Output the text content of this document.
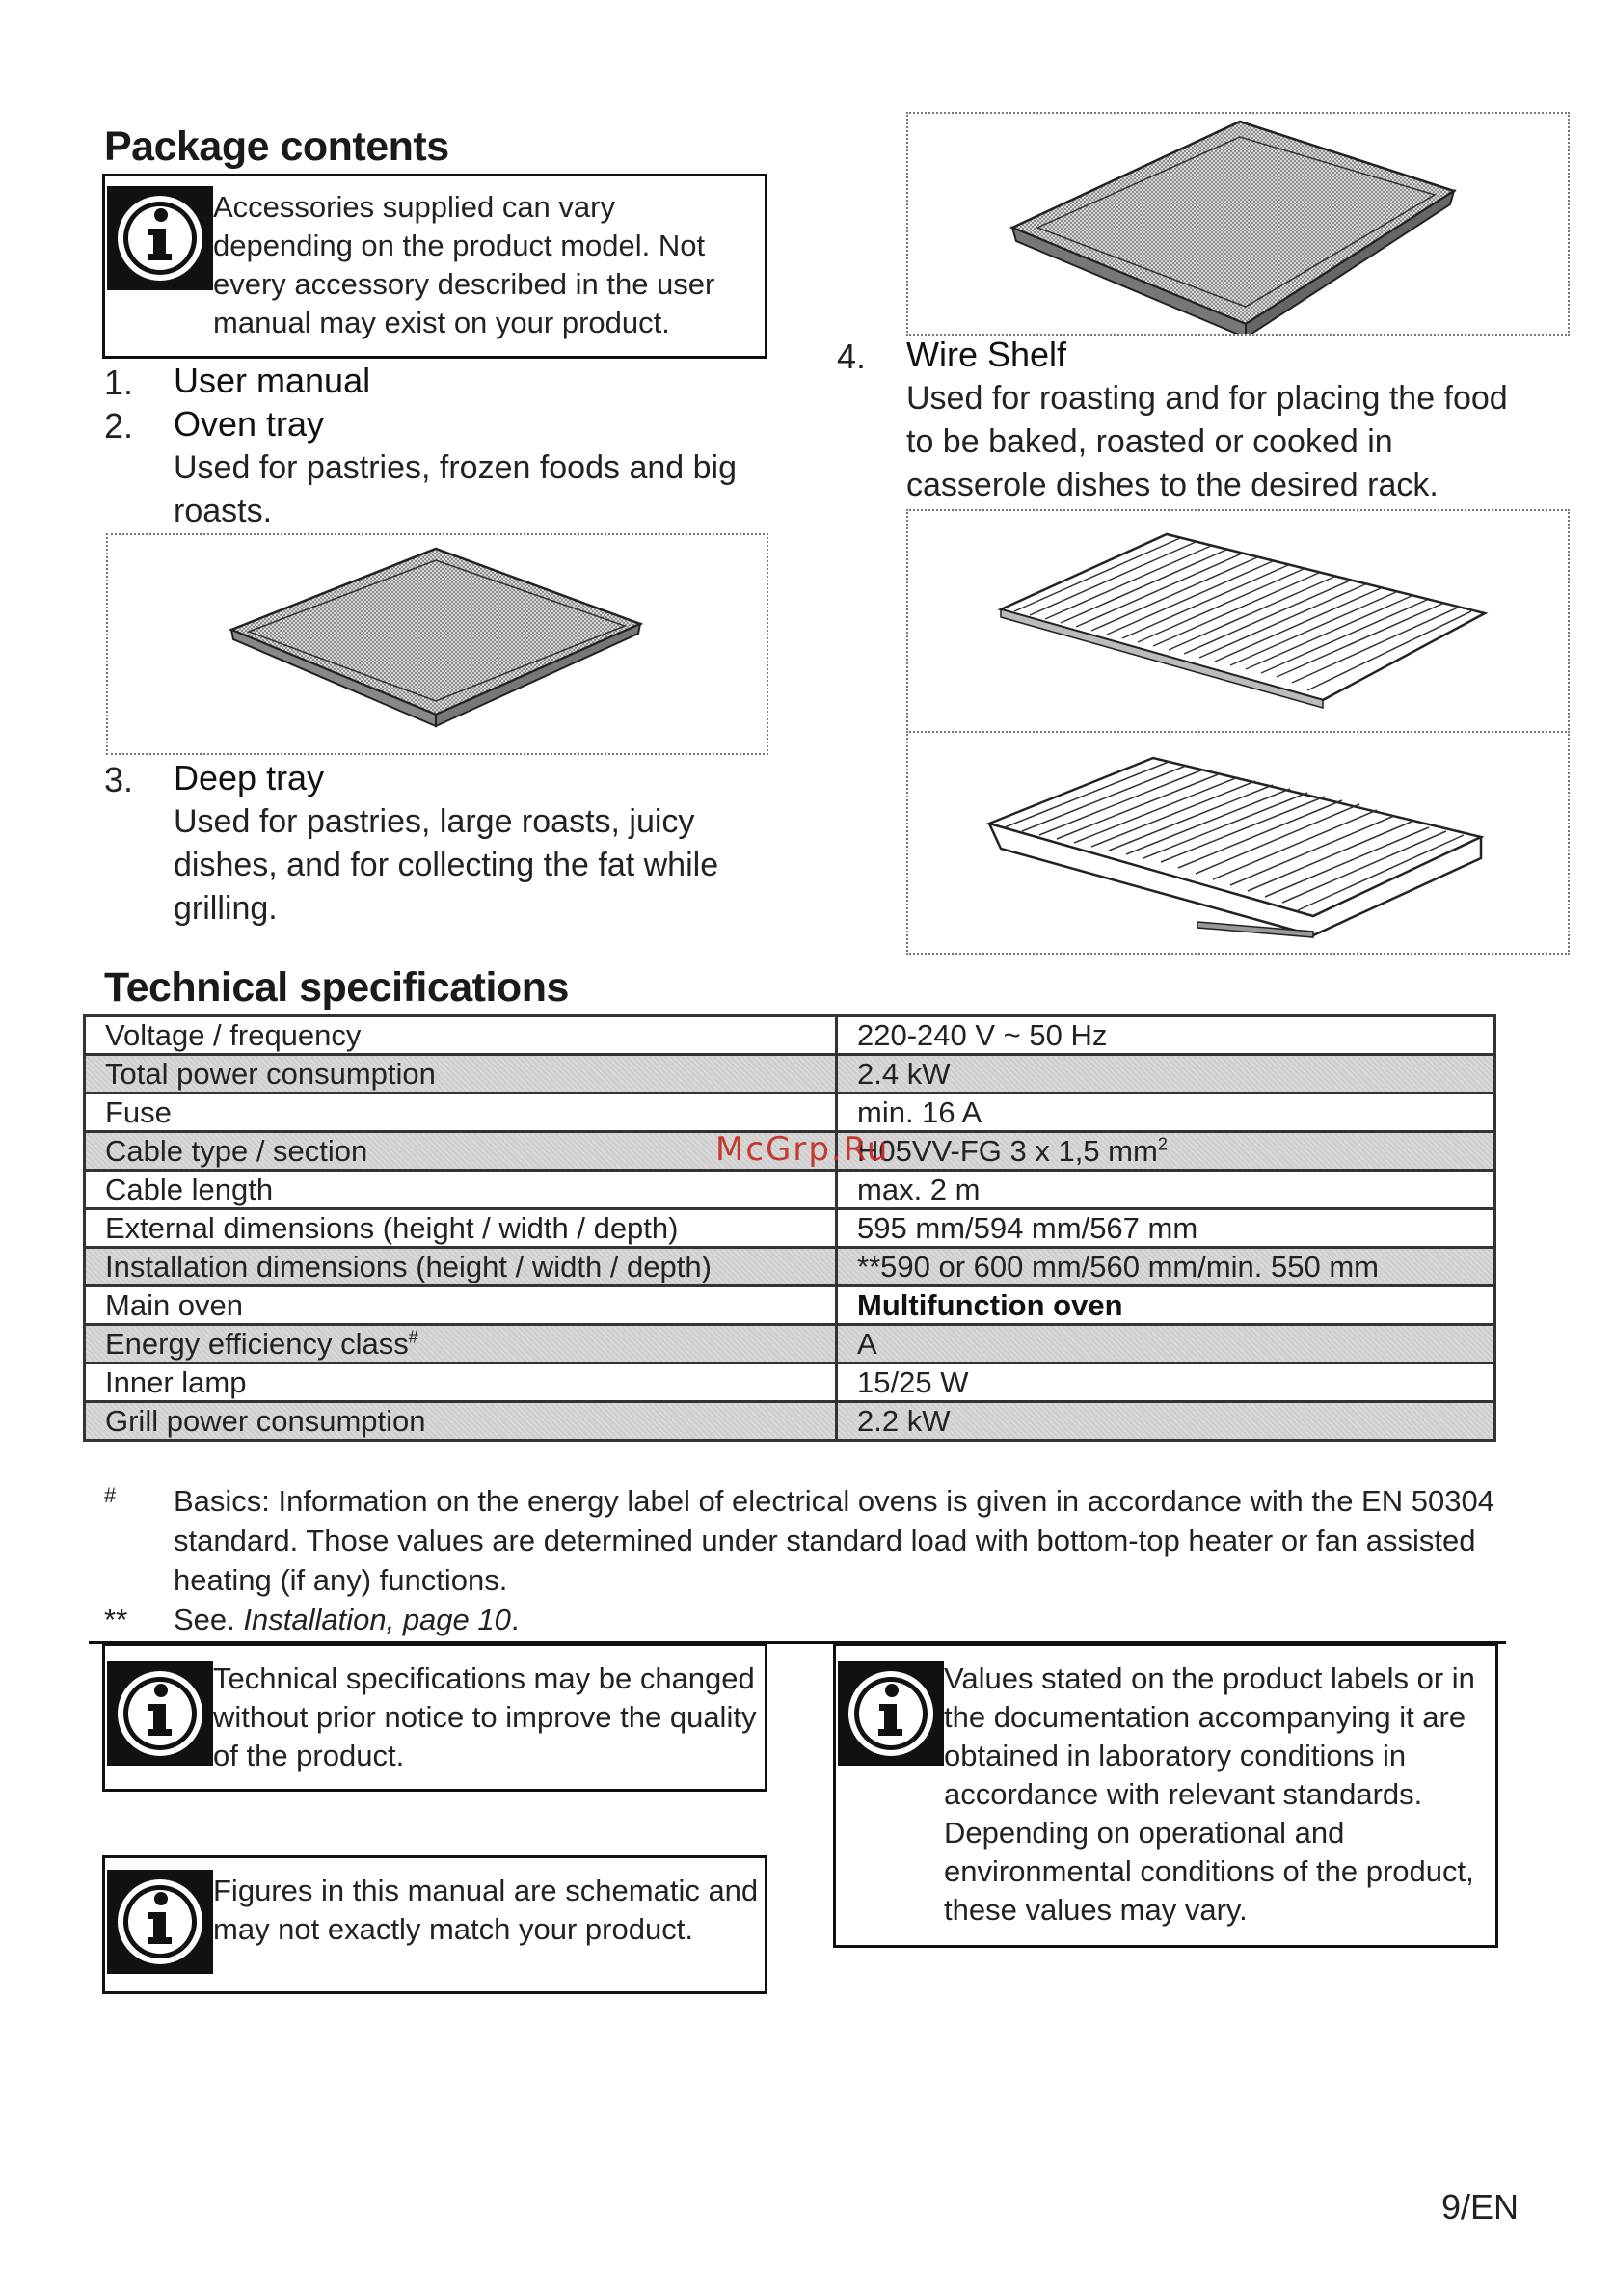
Package contents
Accessories supplied can vary depending on the product model. Not every accessory described in the user manual may exist on your product.
1. User manual
2. Oven tray
Used for pastries, frozen foods and big roasts.
3. Deep tray
Used for pastries, large roasts, juicy dishes, and for collecting the fat while grilling.
4. Wire Shelf
Used for roasting and for placing the food to be baked, roasted or cooked in casserole dishes to the desired rack.
Technical specifications
Voltage / frequency	220-240 V ~ 50 Hz
Total power consumption	2.4 kW
Fuse	min. 16 A
Cable type / section	H05VV-FG 3 x 1,5 $mm^2$
Cable length	max. 2 m
External dimensions (height / width / depth)	595 mm/594 mm/567 mm
Installation dimensions (height / width / depth)	**590 or 600 mm/560 mm/min. 550 mm
Main oven	Multifunction oven
Energy efficiency class#	A
Inner lamp	15/25 W
Grill power consumption	2.2 kW
McGrp.Ru
# Basics: Information on the energy label of electrical ovens is given in accordance with the EN 50304 standard. Those values are determined under standard load with bottom-top heater or fan assisted heating (if any) functions.
** See. Installation, page 10.
Technical specifications may be changed without prior notice to improve the quality of the product.
Figures in this manual are schematic and may not exactly match your product.
Values stated on the product labels or in the documentation accompanying it are obtained in laboratory conditions in accordance with relevant standards. Depending on operational and environmental conditions of the product, these values may vary.
9/EN
